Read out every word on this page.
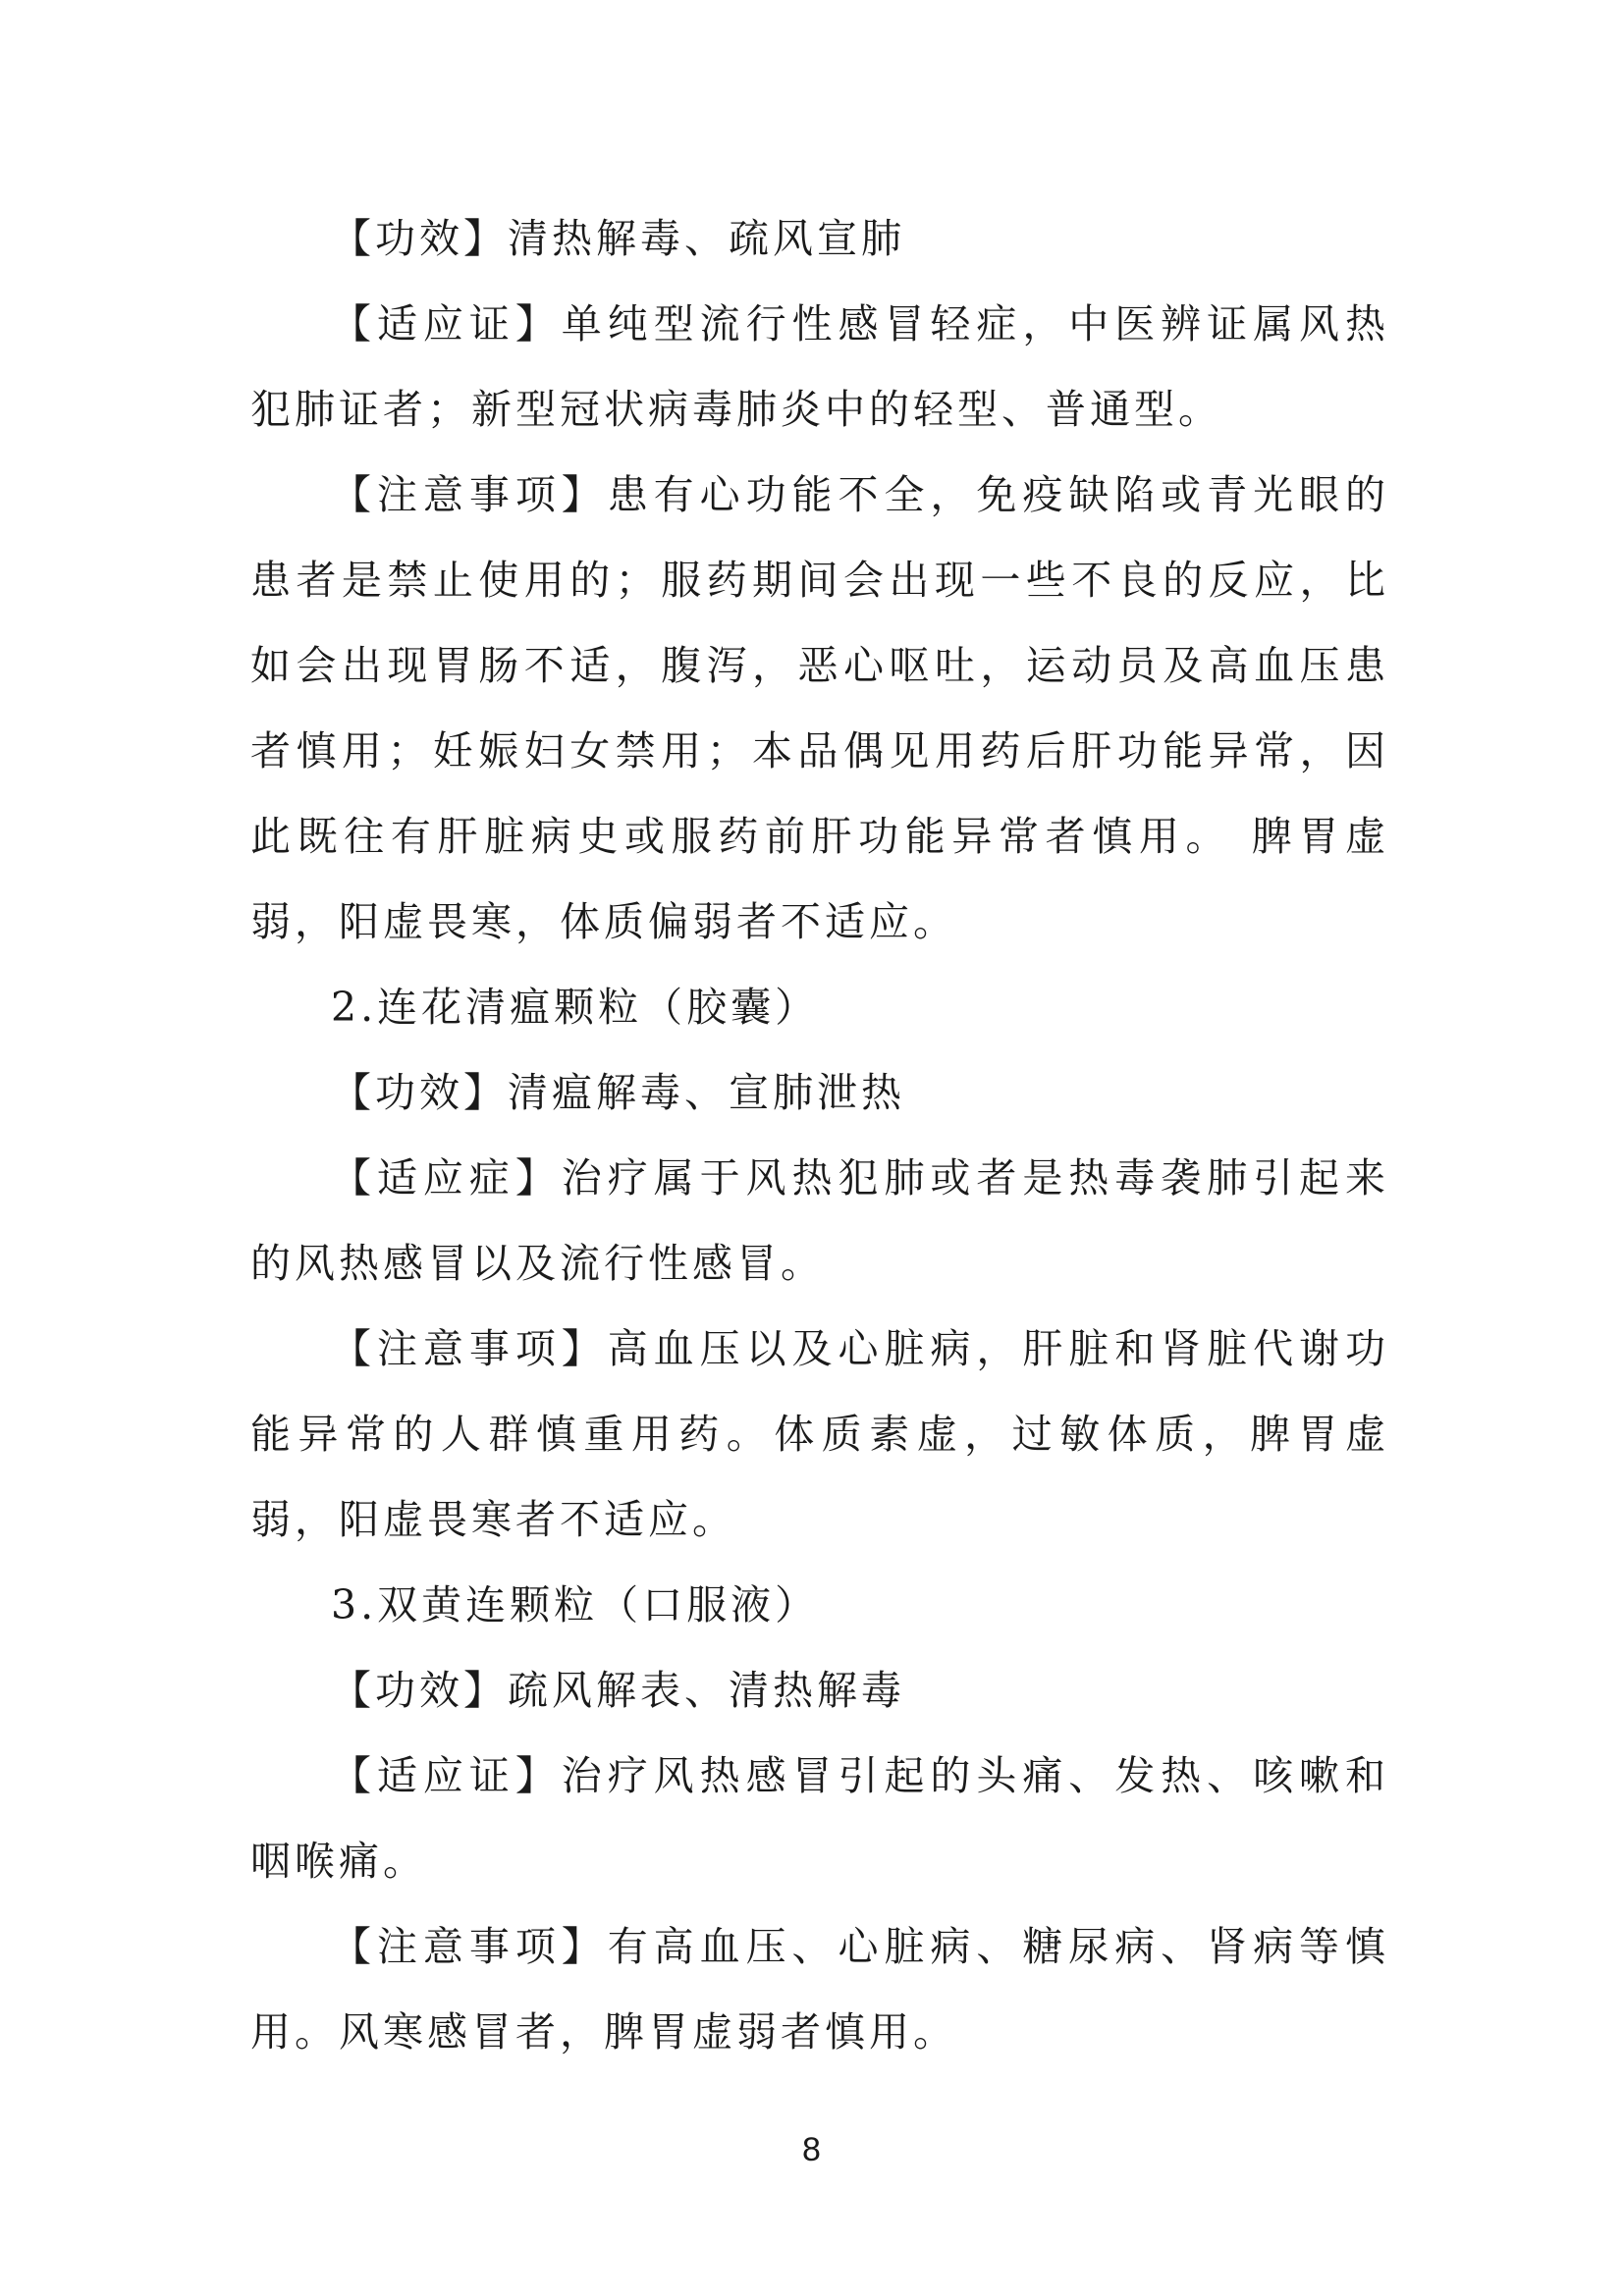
【功效】清热解毒、疏风宣肺

【适应证】单纯型流行性感冒轻症，中医辨证属风热犯肺证者；新型冠状病毒肺炎中的轻型、普通型。

【注意事项】患有心功能不全，免疫缺陷或青光眼的患者是禁止使用的；服药期间会出现一些不良的反应，比如会出现胃肠不适，腹泻，恶心呕吐，运动员及高血压患者慎用；妊娠妇女禁用；本品偶见用药后肝功能异常，因此既往有肝脏病史或服药前肝功能异常者慎用。 脾胃虚弱，阳虚畏寒，体质偏弱者不适应。

2.连花清瘟颗粒（胶囊）

【功效】清瘟解毒、宣肺泄热

【适应症】治疗属于风热犯肺或者是热毒袭肺引起来的风热感冒以及流行性感冒。

【注意事项】高血压以及心脏病，肝脏和肾脏代谢功能异常的人群慎重用药。体质素虚，过敏体质，脾胃虚弱，阳虚畏寒者不适应。

3.双黄连颗粒（口服液）

【功效】疏风解表、清热解毒

【适应证】治疗风热感冒引起的头痛、发热、咳嗽和咽喉痛。

【注意事项】有高血压、心脏病、糖尿病、肾病等慎用。风寒感冒者，脾胃虚弱者慎用。

8
